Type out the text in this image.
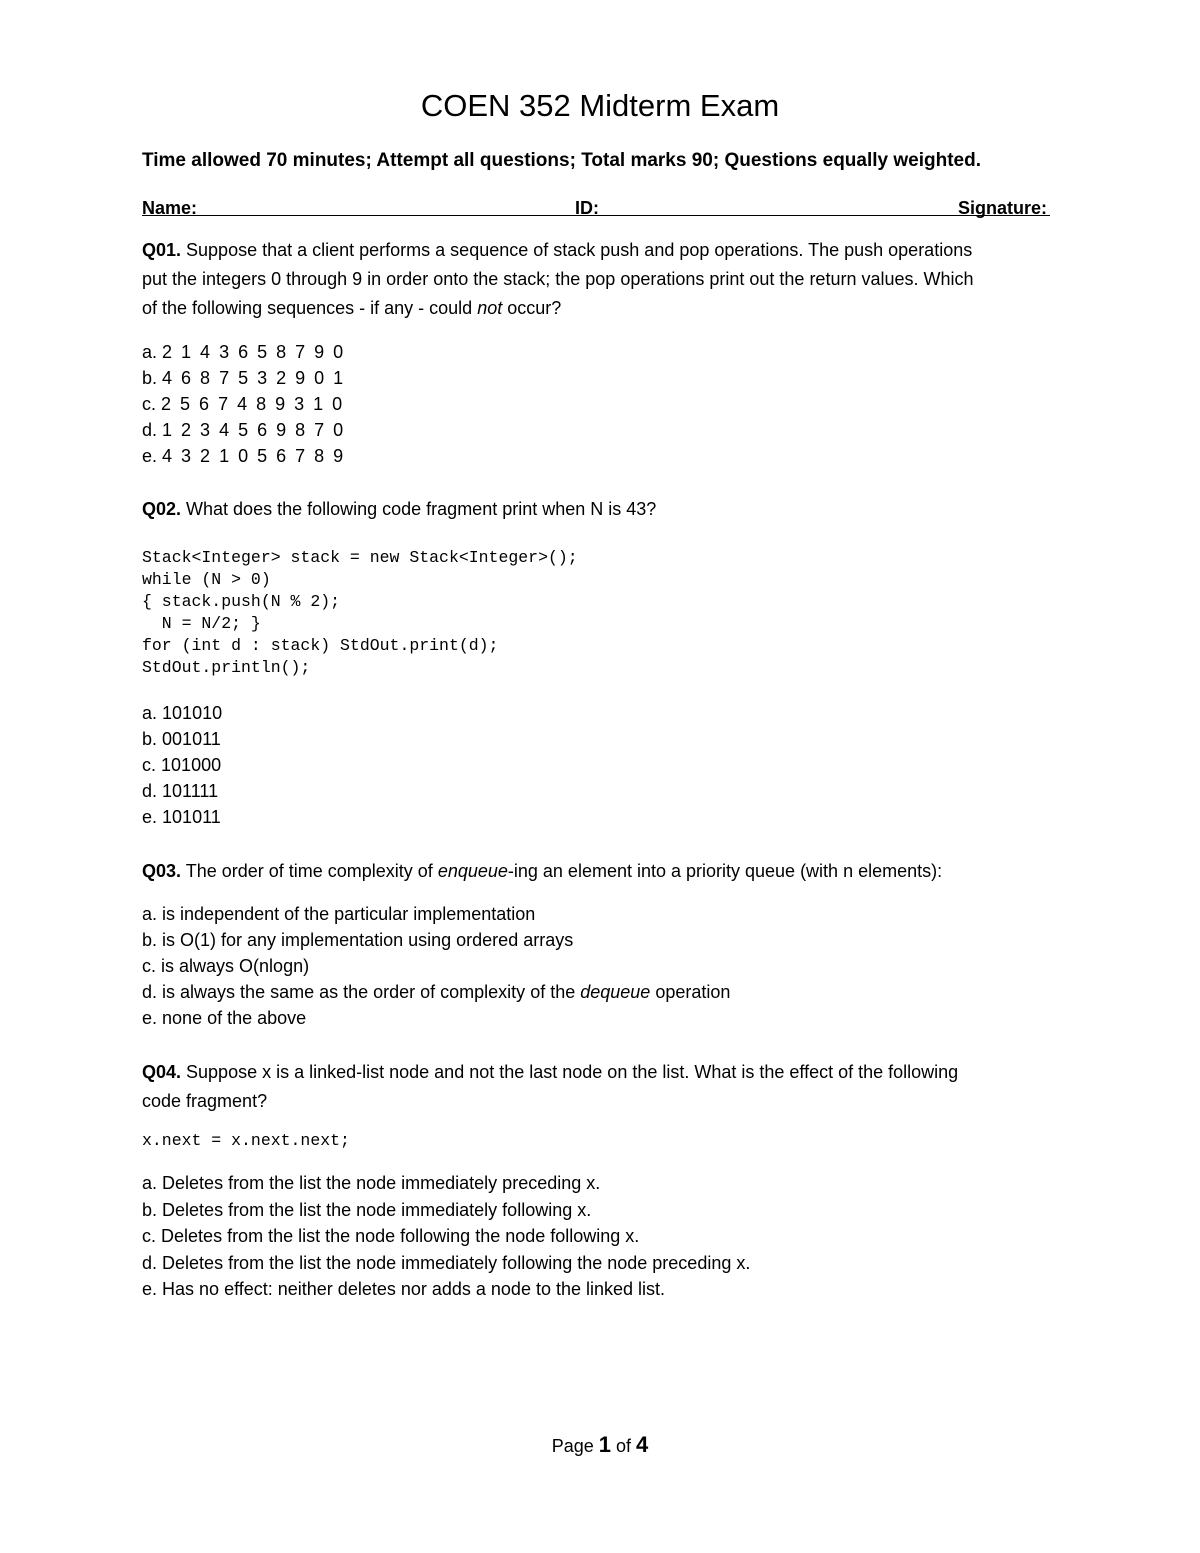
COEN 352 Midterm Exam
Time allowed 70 minutes; Attempt all questions; Total marks 90; Questions equally weighted.
Name:	ID:	Signature:
Q01. Suppose that a client performs a sequence of stack push and pop operations. The push operations
put the integers 0 through 9 in order onto the stack; the pop operations print out the return values. Which
of the following sequences - if any - could not occur?
a. 2 1 4 3 6 5 8 7 9 0
b. 4 6 8 7 5 3 2 9 0 1
c. 2 5 6 7 4 8 9 3 1 0
d. 1 2 3 4 5 6 9 8 7 0
e. 4 3 2 1 0 5 6 7 8 9
Q02. What does the following code fragment print when N is 43?
Stack<Integer> stack = new Stack<Integer>();
while (N > 0)
{ stack.push(N % 2);
N = N/2; }
for (int d : stack) StdOut.print(d);
StdOut.println();
a. 101010
b. 001011
c. 101000
d. 101111
e. 101011
Q03. The order of time complexity of enqueue-ing an element into a priority queue (with n elements):
a. is independent of the particular implementation
b. is O(1) for any implementation using ordered arrays
c. is always O(nlogn)
d. is always the same as the order of complexity of the dequeue operation
e. none of the above
Q04. Suppose x is a linked-list node and not the last node on the list. What is the effect of the following
code fragment?
x.next = x.next.next;
a. Deletes from the list the node immediately preceding x.
b. Deletes from the list the node immediately following x.
c. Deletes from the list the node following the node following x.
d. Deletes from the list the node immediately following the node preceding x.
e. Has no effect: neither deletes nor adds a node to the linked list.
Page 1 of 4
